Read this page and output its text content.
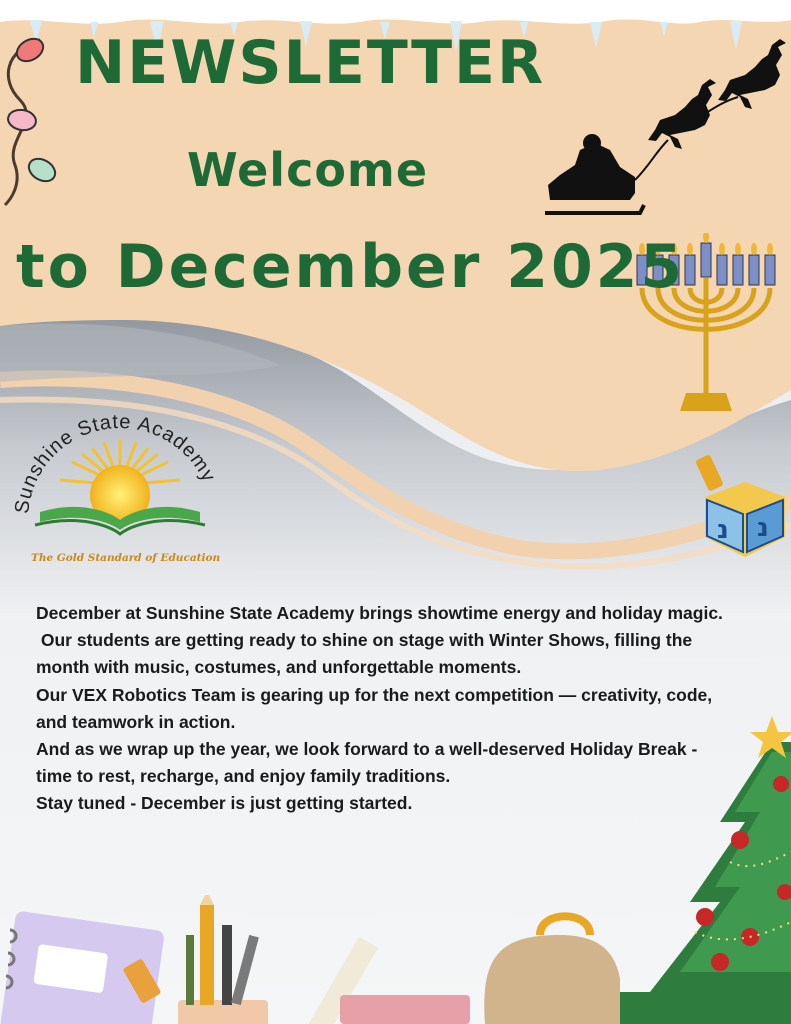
נ נ
NEWSLETTER
Welcome
to December 2025
Sunshine State Academy
The Gold Standard of Education

December at Sunshine State Academy brings showtime energy and holiday magic.

Our students are getting ready to shine on stage with Winter Shows, filling the month with music, costumes, and unforgettable moments.

Our VEX Robotics Team is gearing up for the next competition — creativity, code, and teamwork in action.

And as we wrap up the year, we look forward to a well-deserved Holiday Break - time to rest, recharge, and enjoy family traditions.

Stay tuned - December is just getting started.
